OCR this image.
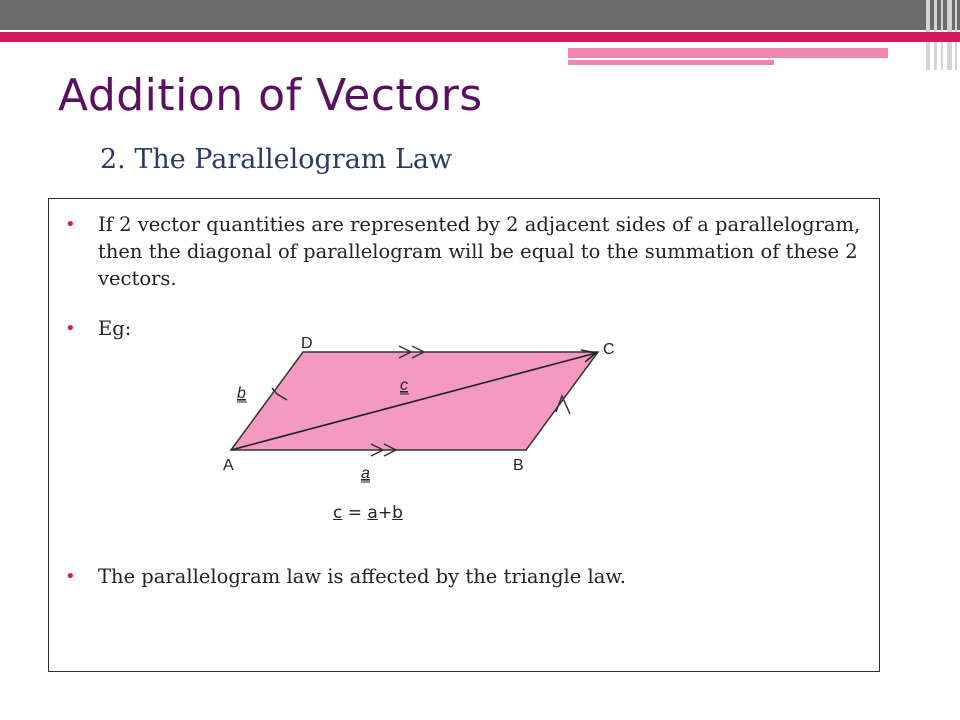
Addition of Vectors
2. The Parallelogram Law
•	If 2 vector quantities are represented by 2 adjacent sides of a parallelogram, then the diagonal of parallelogram will be equal to the summation of these 2 vectors.
•	Eg:
•	The parallelogram law is affected by the triangle law.
D	C
A	B
b	c
a
c = a+b
